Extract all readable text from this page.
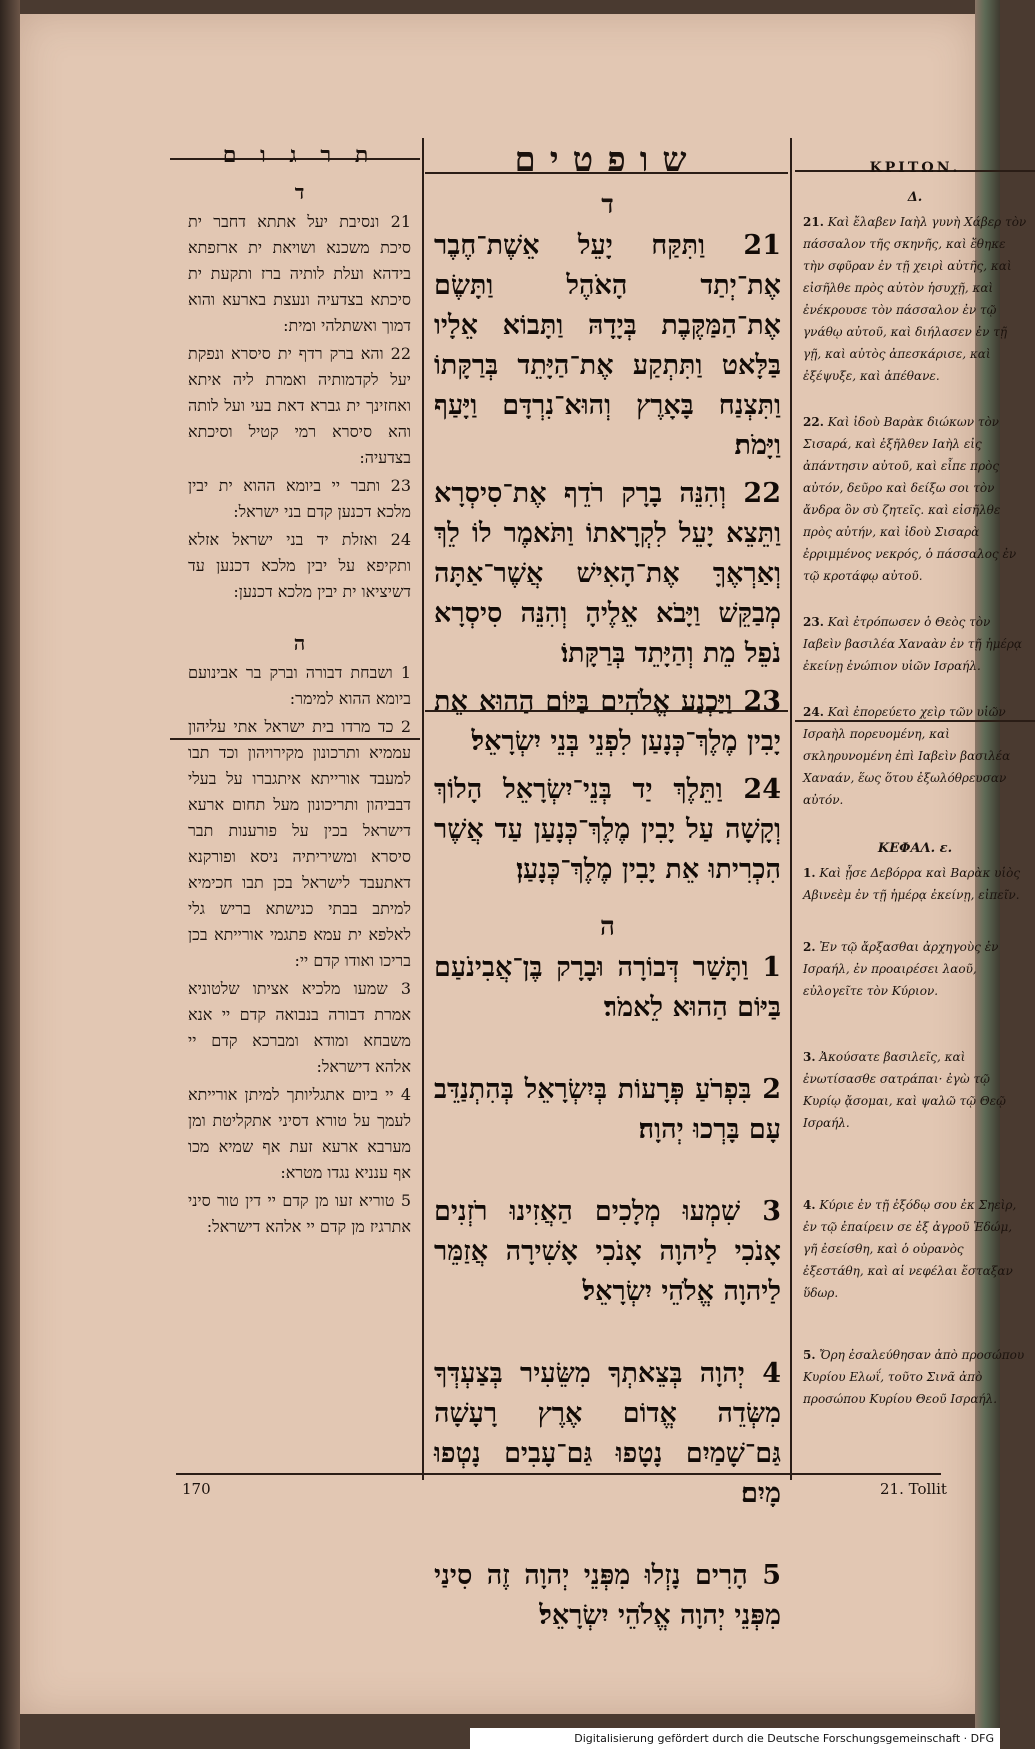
ת ר ג ו ם
ד
21 ונסיבת יעל אתתא דחבר ית סיכת משכנא ושויאת ית ארזפתא בידהא ועלת לותיה ברז ותקעת ית סיכתא בצדעיה ונעצת בארעא והוא דמוך ואשתלהי ומית:
22 והא ברק רדף ית סיסרא ונפקת יעל לקדמותיה ואמרת ליה איתא ואחזינך ית גברא דאת בעי ועל לותה והא סיסרא רמי קטיל וסיכתא בצדעיה:
23 ותבר יי ביומא ההוא ית יבין מלכא דכנען קדם בני ישראל:
24 ואזלת יד בני ישראל אזלא ותקיפא על יבין מלכא דכנען עד דשיציאו ית יבין מלכא דכנען:
ה
1 ושבחת דבורה וברק בר אבינועם ביומא ההוא למימר:
2 כד מרדו בית ישראל אתי עליהון עממיא ותרכונון מקירויהון וכד תבו למעבד אורייתא איתגברו על בעלי דבביהון ותריכונון מעל תחום ארעא דישראל בכין על פורענות תבר סיסרא ומשיריתיה ניסא ופורקנא דאתעבד לישראל בכן תבו חכימיא למיתב בבתי כנישתא בריש גלי לאלפא ית עמא פתגמי אורייתא בכן בריכו ואודו קדם יי:
3 שמעו מלכיא אציתו שלטוניא אמרת דבורה בנבואה קדם יי אנא משבחא ומודא ומברכא קדם יי אלהא דישראל:
4 יי ביום אתגליותך למיתן אורייתא לעמך על טורא דסיני אתקליטת ומן מערבא ארעא זעת אף שמיא מכו אף ענניא נגדו מטרא:
5 טוריא זעו מן קדם יי דין טור סיני אתרגיז מן קדם יי אלהא דישראל:
שופטים
ד
21 וַתִּקַּח יָעֵל אֵשֶׁת־חֶבֶר אֶת־יְתַד הָאֹהֶל וַתָּשֶׂם אֶת־הַמַּקֶּבֶת בְּיָדָהּ וַתָּבוֹא אֵלָיו בַּלָּאט וַתִּתְקַע אֶת־הַיָּתֵד בְּרַקָּתוֹ וַתִּצְנַח בָּאָרֶץ וְהוּא־נִרְדָּם וַיָּעַף וַיָּמֹת׃
22 וְהִנֵּה בָרָק רֹדֵף אֶת־סִיסְרָא וַתֵּצֵא יָעֵל לִקְרָאתוֹ וַתֹּאמֶר לוֹ לֵךְ וְאַרְאֶךָּ אֶת־הָאִישׁ אֲשֶׁר־אַתָּה מְבַקֵּשׁ וַיָּבֹא אֵלֶיהָ וְהִנֵּה סִיסְרָא נֹפֵל מֵת וְהַיָּתֵד בְּרַקָּתוֹ׃
23 וַיַּכְנַע אֱלֹהִים בַּיּוֹם הַהוּא אֵת יָבִין מֶלֶךְ־כְּנָעַן לִפְנֵי בְּנֵי יִשְׂרָאֵל׃
24 וַתֵּלֶךְ יַד בְּנֵי־יִשְׂרָאֵל הָלוֹךְ וְקָשָׁה עַל יָבִין מֶלֶךְ־כְּנָעַן עַד אֲשֶׁר הִכְרִיתוּ אֵת יָבִין מֶלֶךְ־כְּנָעַן׃
ה
1 וַתָּשַׁר דְּבוֹרָה וּבָרָק בֶּן־אֲבִינֹעַם בַּיּוֹם הַהוּא לֵאמֹר׃
2 בִּפְרֹעַ פְּרָעוֹת בְּיִשְׂרָאֵל בְּהִתְנַדֵּב עָם בָּרְכוּ יְהוָה׃
3 שִׁמְעוּ מְלָכִים הַאֲזִינוּ רֹזְנִים אָנֹכִי לַיהוָה אָנֹכִי אָשִׁירָה אֲזַמֵּר לַיהוָה אֱלֹהֵי יִשְׂרָאֵל׃
4 יְהוָה בְּצֵאתְךָ מִשֵּׂעִיר בְּצַעְדְּךָ מִשְּׂדֵה אֱדוֹם אֶרֶץ רָעָשָׁה גַּם־שָׁמַיִם נָטָפוּ גַּם־עָבִים נָטְפוּ מָיִם׃
5 הָרִים נָזְלוּ מִפְּנֵי יְהוָה זֶה סִינַי מִפְּנֵי יְהוָה אֱלֹהֵי יִשְׂרָאֵל׃
ΚΡΙΤΩΝ.
Δ.
21. Καὶ ἔλαβεν Ιαὴλ γυνὴ Χάβερ τὸν πάσσαλον τῆς σκηνῆς, καὶ ἔθηκε τὴν σφῦραν ἐν τῇ χειρὶ αὐτῆς, καὶ εἰσῆλθε πρὸς αὐτὸν ἡσυχῇ, καὶ ἐνέκρουσε τὸν πάσσαλον ἐν τῷ γνάθῳ αὐτοῦ, καὶ διήλασεν ἐν τῇ γῇ, καὶ αὐτὸς ἀπεσκάρισε, καὶ ἐξέψυξε, καὶ ἀπέθανε.
22. Καὶ ἰδοὺ Βαρὰκ διώκων τὸν Σισαρά, καὶ ἐξῆλθεν Ιαὴλ εἰς ἀπάντησιν αὐτοῦ, καὶ εἶπε πρὸς αὐτόν, δεῦρο καὶ δείξω σοι τὸν ἄνδρα ὃν σὺ ζητεῖς. καὶ εἰσῆλθε πρὸς αὐτήν, καὶ ἰδοὺ Σισαρὰ ἐρριμμένος νεκρός, ὁ πάσσαλος ἐν τῷ κροτάφῳ αὐτοῦ.
23. Καὶ ἐτρόπωσεν ὁ Θεὸς τὸν Ιαβεὶν βασιλέα Χαναὰν ἐν τῇ ἡμέρᾳ ἐκείνῃ ἐνώπιον υἱῶν Ισραήλ.
24. Καὶ ἐπορεύετο χεὶρ τῶν υἱῶν Ισραὴλ πορευομένη, καὶ σκληρυνομένη ἐπὶ Ιαβεὶν βασιλέα Χαναάν, ἕως ὅτου ἐξωλόθρευσαν αὐτόν.
ΚΕΦΑΛ. ε.
1. Καὶ ᾖσε Δεβόρρα καὶ Βαρὰκ υἱὸς Αβινεὲμ ἐν τῇ ἡμέρᾳ ἐκείνῃ, εἰπεῖν.
2. Ἐν τῷ ἄρξασθαι ἀρχηγοὺς ἐν Ισραήλ, ἐν προαιρέσει λαοῦ, εὐλογεῖτε τὸν Κύριον.
3. Ἀκούσατε βασιλεῖς, καὶ ἐνωτίσασθε σατράπαι· ἐγὼ τῷ Κυρίῳ ᾄσομαι, καὶ ψαλῶ τῷ Θεῷ Ισραήλ.
4. Κύριε ἐν τῇ ἐξόδῳ σου ἐκ Σηεὶρ, ἐν τῷ ἐπαίρειν σε ἐξ ἀγροῦ Ἐδώμ, γῆ ἐσείσθη, καὶ ὁ οὐρανὸς ἐξεστάθη, καὶ αἱ νεφέλαι ἔσταξαν ὕδωρ.
5. Ὄρη ἐσαλεύθησαν ἀπὸ προσώπου Κυρίου Ελωΐ, τοῦτο Σινᾶ ἀπὸ προσώπου Κυρίου Θεοῦ Ισραήλ.
170	21. Tollit
Digitalisierung gefördert durch die Deutsche Forschungsgemeinschaft · DFG
